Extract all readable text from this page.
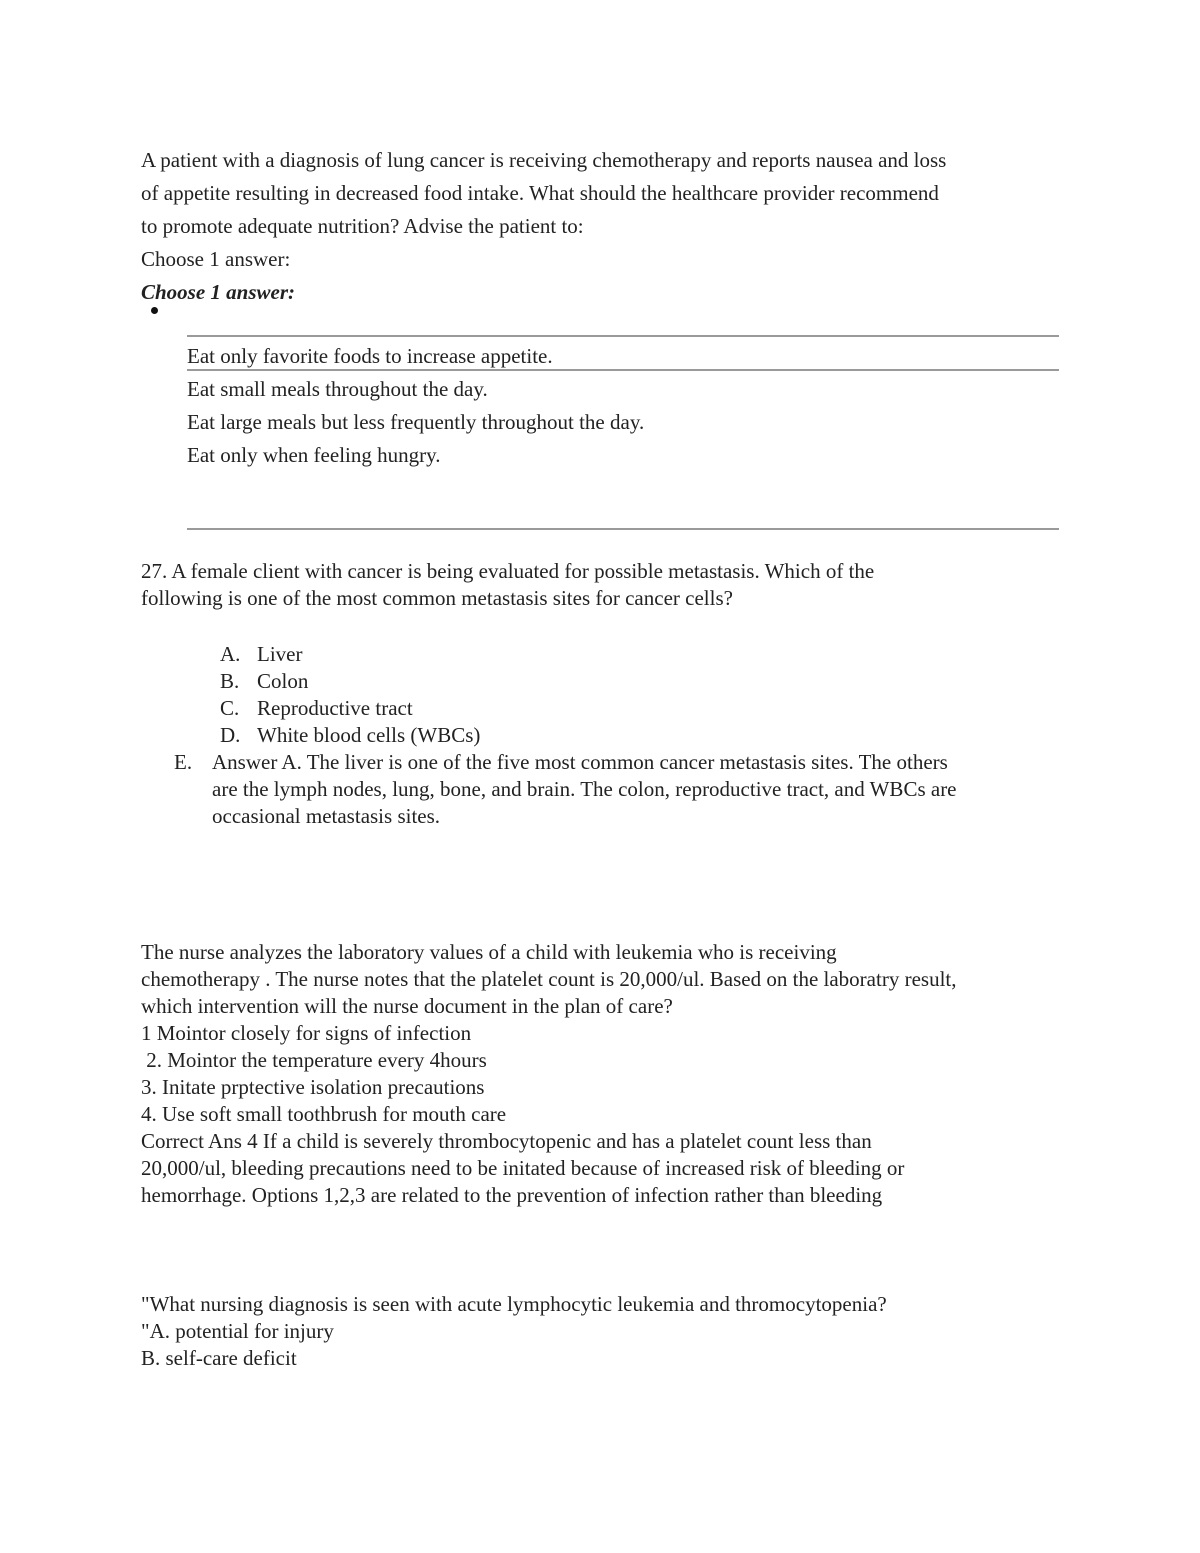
A patient with a diagnosis of lung cancer is receiving chemotherapy and reports nausea and loss
of appetite resulting in decreased food intake. What should the healthcare provider recommend
to promote adequate nutrition? Advise the patient to:
Choose 1 answer:
Choose 1 answer:
Eat only favorite foods to increase appetite.
Eat small meals throughout the day.
Eat large meals but less frequently throughout the day.
Eat only when feeling hungry.
27. A female client with cancer is being evaluated for possible metastasis. Which of the
following is one of the most common metastasis sites for cancer cells?
A. Liver
B. Colon
C. Reproductive tract
D. White blood cells (WBCs)
E. Answer A. The liver is one of the five most common cancer metastasis sites. The others
are the lymph nodes, lung, bone, and brain. The colon, reproductive tract, and WBCs are
occasional metastasis sites.
The nurse analyzes the laboratory values of a child with leukemia who is receiving
chemotherapy . The nurse notes that the platelet count is 20,000/ul. Based on the laboratry result,
which intervention will the nurse document in the plan of care?
1 Mointor closely for signs of infection
2. Mointor the temperature every 4hours
3. Initate prptective isolation precautions
4. Use soft small toothbrush for mouth care
Correct Ans 4 If a child is severely thrombocytopenic and has a platelet count less than
20,000/ul, bleeding precautions need to be initated because of increased risk of bleeding or
hemorrhage. Options 1,2,3 are related to the prevention of infection rather than bleeding
"What nursing diagnosis is seen with acute lymphocytic leukemia and thromocytopenia?
"A. potential for injury
B. self-care deficit
